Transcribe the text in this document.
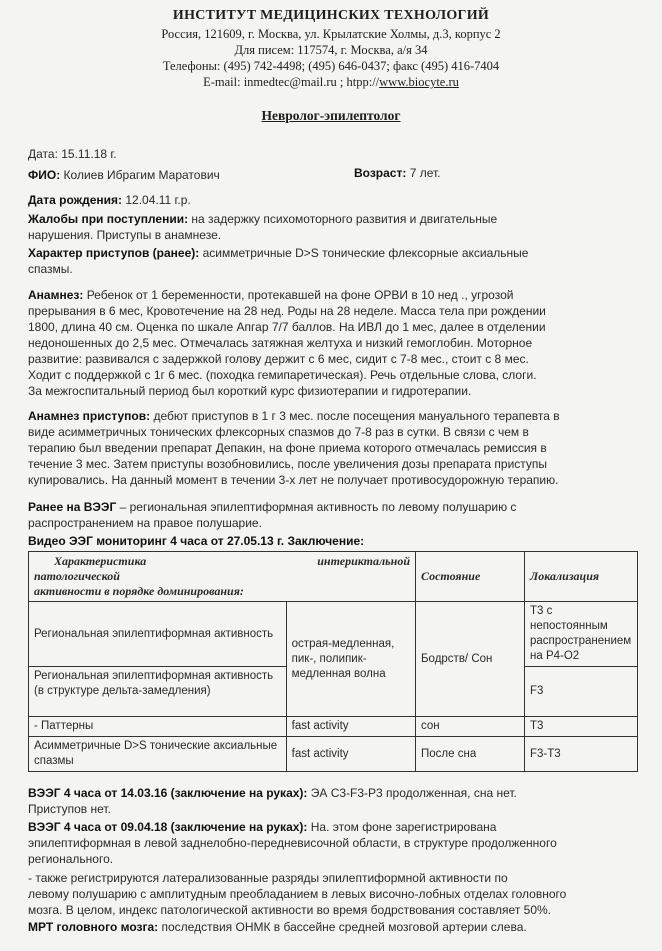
ИНСТИТУТ МЕДИЦИНСКИХ ТЕХНОЛОГИЙ
Россия, 121609, г. Москва, ул. Крылатские Холмы, д.3, корпус 2
Для писем: 117574, г. Москва, а/я 34
Телефоны: (495) 742-4498; (495) 646-0437; факс (495) 416-7404
E-mail: inmedtec@mail.ru ; htpp://www.biocyte.ru
Невролог-эпилептолог
Дата: 15.11.18 г.
ФИО: Колиев Ибрагим Маратович	Возраст: 7 лет.
Дата рождения: 12.04.11 г.р.
Жалобы при поступлении: на задержку психомоторного развития и двигательные
нарушения. Приступы в анамнезе.
Характер приступов (ранее): асимметричные D>S тонические флексорные аксиальные
спазмы.
Анамнез: Ребенок от 1 беременности, протекавшей на фоне ОРВИ в 10 нед ., угрозой
прерывания в 6 мес, Кровотечение на 28 нед. Роды на 28 неделе. Масса тела при рождении
1800, длина 40 см. Оценка по шкале Апгар 7/7 баллов. На ИВЛ до 1 мес, далее в отделении
недоношенных до 2,5 мес. Отмечалась затяжная желтуха и низкий гемоглобин. Моторное
развитие: развивался с задержкой голову держит с 6 мес, сидит с 7-8 мес., стоит с 8 мес.
Ходит с поддержкой с 1г 6 мес. (походка гемипаретическая). Речь отдельные слова, слоги.
За межгоспитальный период был короткий курс физиотерапии и гидротерапии.
Анамнез приступов: дебют приступов в 1 г 3 мес. после посещения мануального терапевта в
виде асимметричных тонических флексорных спазмов до 7-8 раз в сутки. В связи с чем в
терапию был введении препарат Депакин, на фоне приема которого отмечалась ремиссия в
течение 3 мес. Затем приступы возобновились, после увеличения дозы препарата приступы
купировались. На данный момент в течении 3-х лет не получает противосудорожную терапию.
Ранее на ВЭЭГ – региональная эпилептиформная активность по левому полушарию с
распространением на правое полушарие.
Видео ЭЭГ мониторинг 4 часа от 27.05.13 г. Заключение:
Характеристика интериктальной
патологической
активности в порядке доминирования:		Состояние	Локализация
Региональная эпилептиформная активность	острая-медленная, пик-, полипик-медленная волна	Бодрств/ Сон	T3 с непостоянным распространением на P4-O2
Региональная эпилептиформная активность (в структуре дельта-замедления)			F3
- Паттерны	fast activity	сон	T3
Асимметричные D>S тонические аксиальные спазмы	fast activity	После сна	F3-T3
ВЭЭГ 4 часа от 14.03.16 (заключение на руках): ЭА С3-F3-P3 продолженная, сна нет.
Приступов нет.
ВЭЭГ 4 часа от 09.04.18 (заключение на руках): На. этом фоне зарегистрирована
эпилептиформная в левой заднелобно-передневисочной области, в структуре продолженного
регионального.
- также регистрируются латерализованные разряды эпилептиформной активности по
левому полушарию с амплитудным преобладанием в левых височно-лобных отделах головного
мозга. В целом, индекс патологической активности во время бодрствования составляет 50%.
МРТ головного мозга: последствия ОНМК в бассейне средней мозговой артерии слева.
